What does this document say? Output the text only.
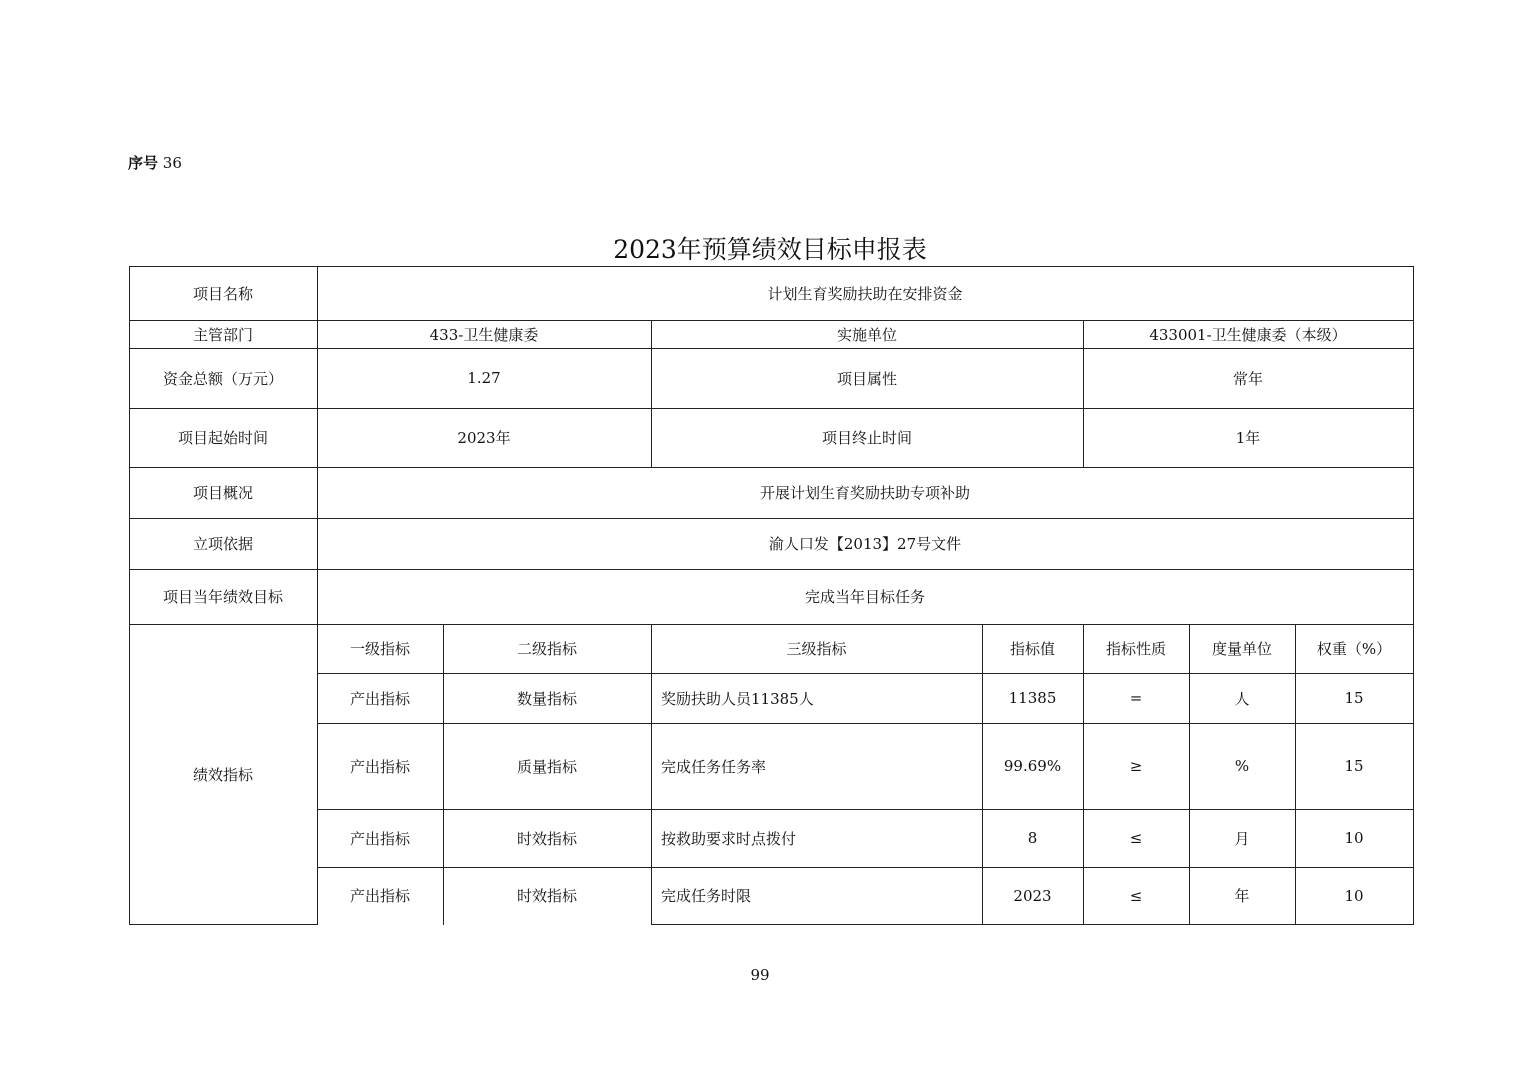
序号 36
2023年预算绩效目标申报表
项目名称	计划生育奖励扶助在安排资金
主管部门	433-卫生健康委	实施单位	433001-卫生健康委（本级）
资金总额（万元）	1.27	项目属性	常年
项目起始时间	2023年	项目终止时间	1年
项目概况	开展计划生育奖励扶助专项补助
立项依据	渝人口发【2013】27号文件
项目当年绩效目标	完成当年目标任务
绩效指标
一级指标	二级指标	三级指标	指标值	指标性质	度量单位	权重（%）
产出指标	数量指标	奖励扶助人员11385人	11385	=	人	15
产出指标	质量指标	完成任务任务率	99.69%	≥	%	15
产出指标	时效指标	按救助要求时点拨付	8	≤	月	10
产出指标	时效指标	完成任务时限	2023	≤	年	10
99
